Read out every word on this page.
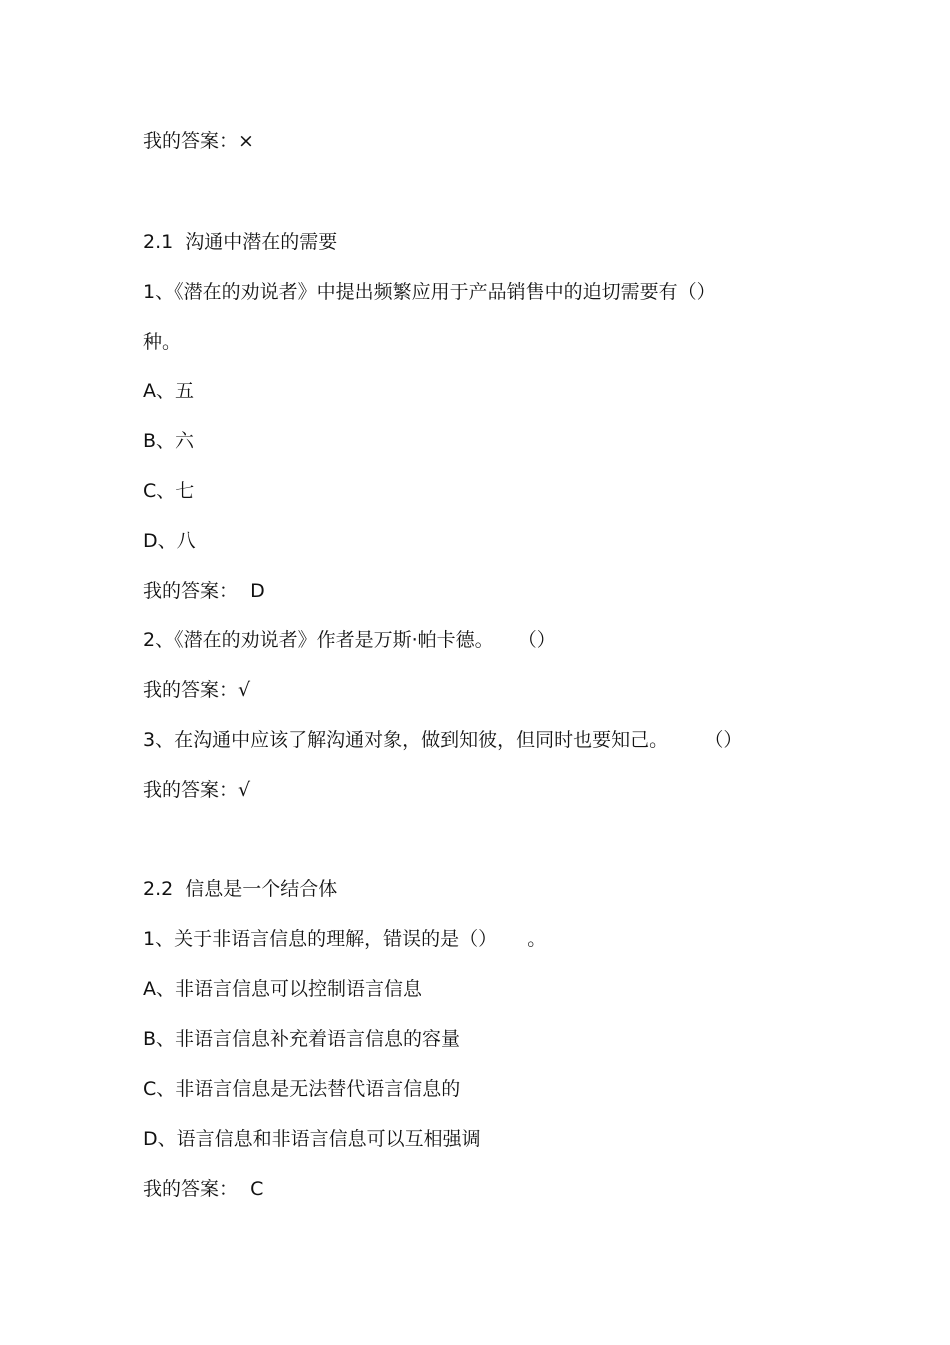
我的答案：×
2.1  沟通中潜在的需要
1、《潜在的劝说者》中提出频繁应用于产品销售中的迫切需要有（）
种。
A、五
B、六
C、七
D、八
我的答案：  D
2、《潜在的劝说者》作者是万斯·帕卡德。    （）
我的答案：√
3、在沟通中应该了解沟通对象，做到知彼，但同时也要知己。      （）
我的答案：√
2.2  信息是一个结合体
1、关于非语言信息的理解，错误的是（）     。
A、非语言信息可以控制语言信息
B、非语言信息补充着语言信息的容量
C、非语言信息是无法替代语言信息的
D、语言信息和非语言信息可以互相强调
我的答案：  C
